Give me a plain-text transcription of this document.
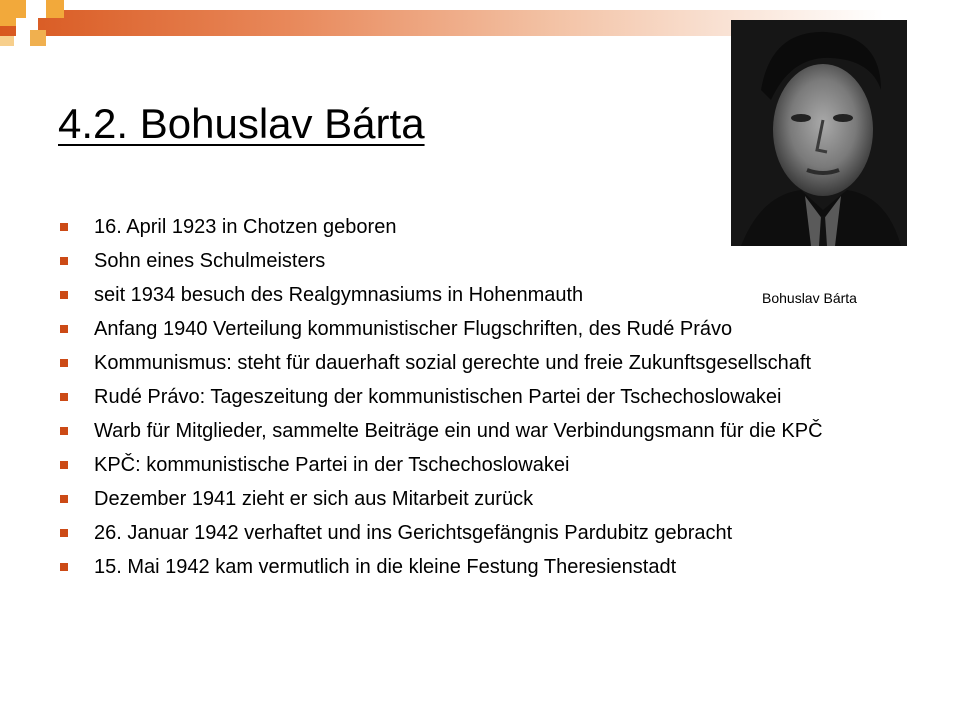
4.2. Bohuslav Bárta
Bohuslav Bárta
16. April 1923 in Chotzen geboren
Sohn eines Schulmeisters
seit 1934 besuch des Realgymnasiums in Hohenmauth
Anfang 1940 Verteilung kommunistischer Flugschriften, des Rudé Právo
Kommunismus: steht für dauerhaft sozial gerechte und freie Zukunftsgesellschaft
Rudé Právo: Tageszeitung der kommunistischen Partei der Tschechoslowakei
Warb für Mitglieder, sammelte Beiträge ein und war Verbindungsmann für die KPČ
KPČ: kommunistische Partei in der Tschechoslowakei
Dezember 1941 zieht er sich aus Mitarbeit zurück
26. Januar 1942 verhaftet und ins Gerichtsgefängnis Pardubitz gebracht
15. Mai 1942 kam vermutlich in die kleine Festung Theresienstadt
